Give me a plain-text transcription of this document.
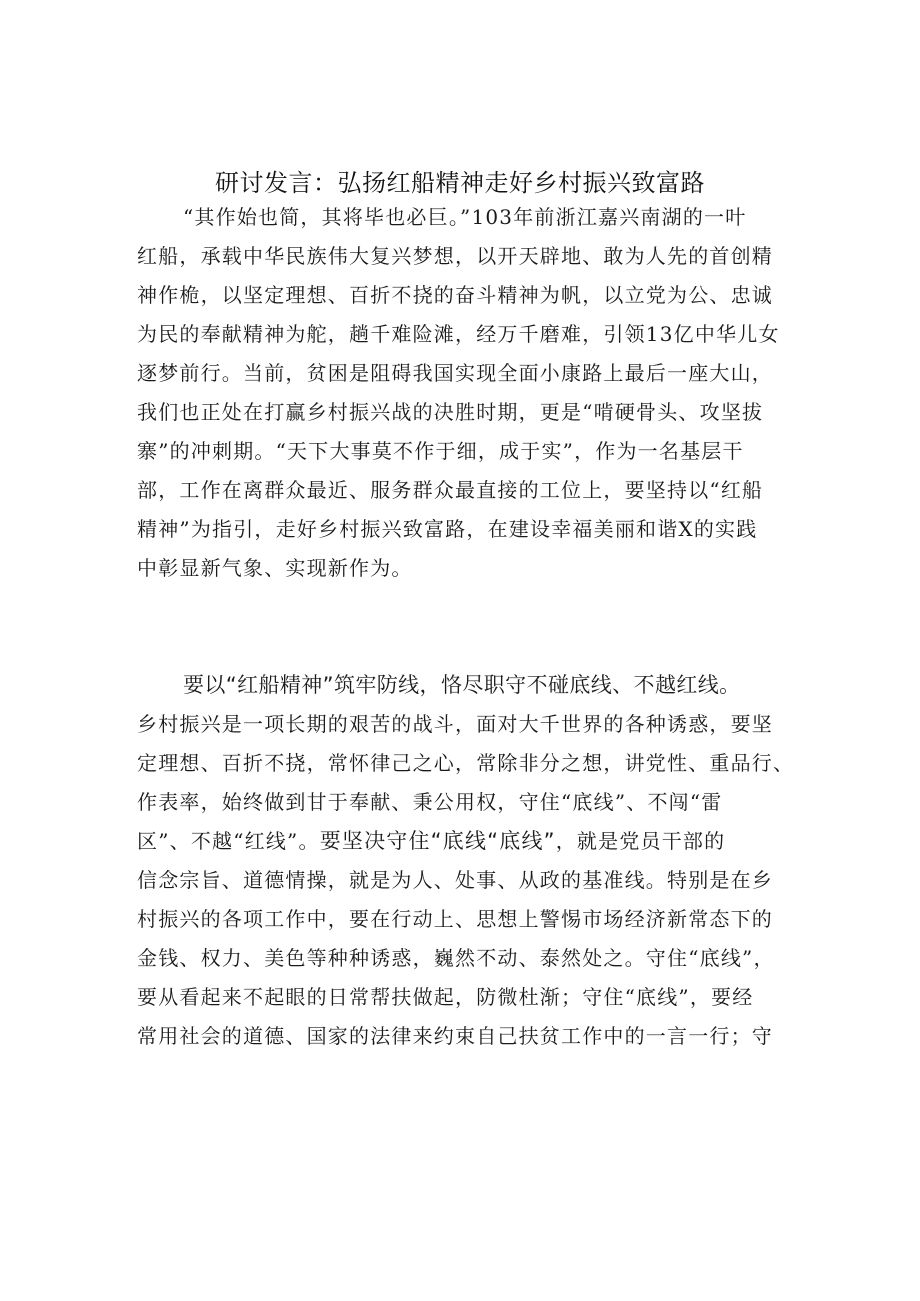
研讨发言：弘扬红船精神走好乡村振兴致富路
“其作始也简，其将毕也必巨。”103年前浙江嘉兴南湖的一叶
红船，承载中华民族伟大复兴梦想，以开天辟地、敢为人先的首创精
神作桅，以坚定理想、百折不挠的奋斗精神为帆，以立党为公、忠诚
为民的奉献精神为舵，趟千难险滩，经万千磨难，引领13亿中华儿女
逐梦前行。当前，贫困是阻碍我国实现全面小康路上最后一座大山，
我们也正处在打赢乡村振兴战的决胜时期，更是“啃硬骨头、攻坚拔
寨”的冲刺期。“天下大事莫不作于细，成于实”，作为一名基层干
部，工作在离群众最近、服务群众最直接的工位上，要坚持以“红船
精神”为指引，走好乡村振兴致富路，在建设幸福美丽和谐X的实践
中彰显新气象、实现新作为。
要以“红船精神”筑牢防线，恪尽职守不碰底线、不越红线。
乡村振兴是一项长期的艰苦的战斗，面对大千世界的各种诱惑，要坚
定理想、百折不挠，常怀律己之心，常除非分之想，讲党性、重品行、
作表率，始终做到甘于奉献、秉公用权，守住“底线”、不闯“雷
区”、不越“红线”。要坚决守住“底线“底线”，就是党员干部的
信念宗旨、道德情操，就是为人、处事、从政的基准线。特别是在乡
村振兴的各项工作中，要在行动上、思想上警惕市场经济新常态下的
金钱、权力、美色等种种诱惑，巍然不动、泰然处之。守住“底线”，
要从看起来不起眼的日常帮扶做起，防微杜渐；守住“底线”，要经
常用社会的道德、国家的法律来约束自己扶贫工作中的一言一行；守
